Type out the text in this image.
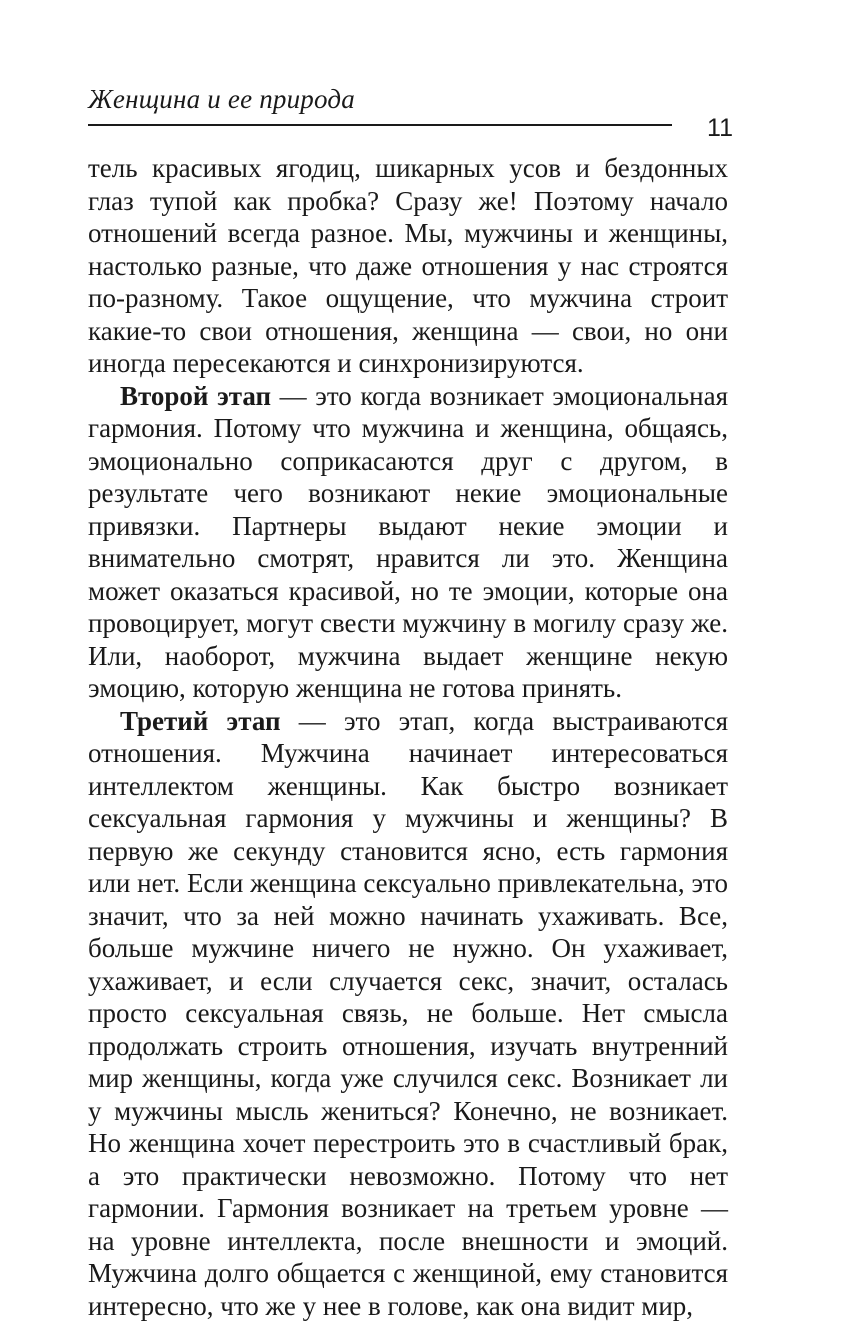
Женщина и ее природа
11

тель красивых ягодиц, шикарных усов и бездонных глаз тупой как пробка? Сразу же! Поэтому начало отношений всегда разное. Мы, мужчины и женщины, настолько разные, что даже отношения у нас строятся по-разному. Такое ощущение, что мужчина строит какие-то свои отношения, женщина — свои, но они иногда пересекаются и синхронизируются.

Второй этап — это когда возникает эмоциональная гармония. Потому что мужчина и женщина, общаясь, эмоционально соприкасаются друг с другом, в результате чего возникают некие эмоциональные привязки. Партнеры выдают некие эмоции и внимательно смотрят, нравится ли это. Женщина может оказаться красивой, но те эмоции, которые она провоцирует, могут свести мужчину в могилу сразу же. Или, наоборот, мужчина выдает женщине некую эмоцию, которую женщина не готова принять.

Третий этап — это этап, когда выстраиваются отношения. Мужчина начинает интересоваться интеллектом женщины. Как быстро возникает сексуальная гармония у мужчины и женщины? В первую же секунду становится ясно, есть гармония или нет. Если женщина сексуально привлекательна, это значит, что за ней можно начинать ухаживать. Все, больше мужчине ничего не нужно. Он ухаживает, ухаживает, и если случается секс, значит, осталась просто сексуальная связь, не больше. Нет смысла продолжать строить отношения, изучать внутренний мир женщины, когда уже случился секс. Возникает ли у мужчины мысль жениться? Конечно, не возникает. Но женщина хочет перестроить это в счастливый брак, а это практически невозможно. Потому что нет гармонии. Гармония возникает на третьем уровне — на уровне интеллекта, после внешности и эмоций. Мужчина долго общается с женщиной, ему становится интересно, что же у нее в голове, как она видит мир,
